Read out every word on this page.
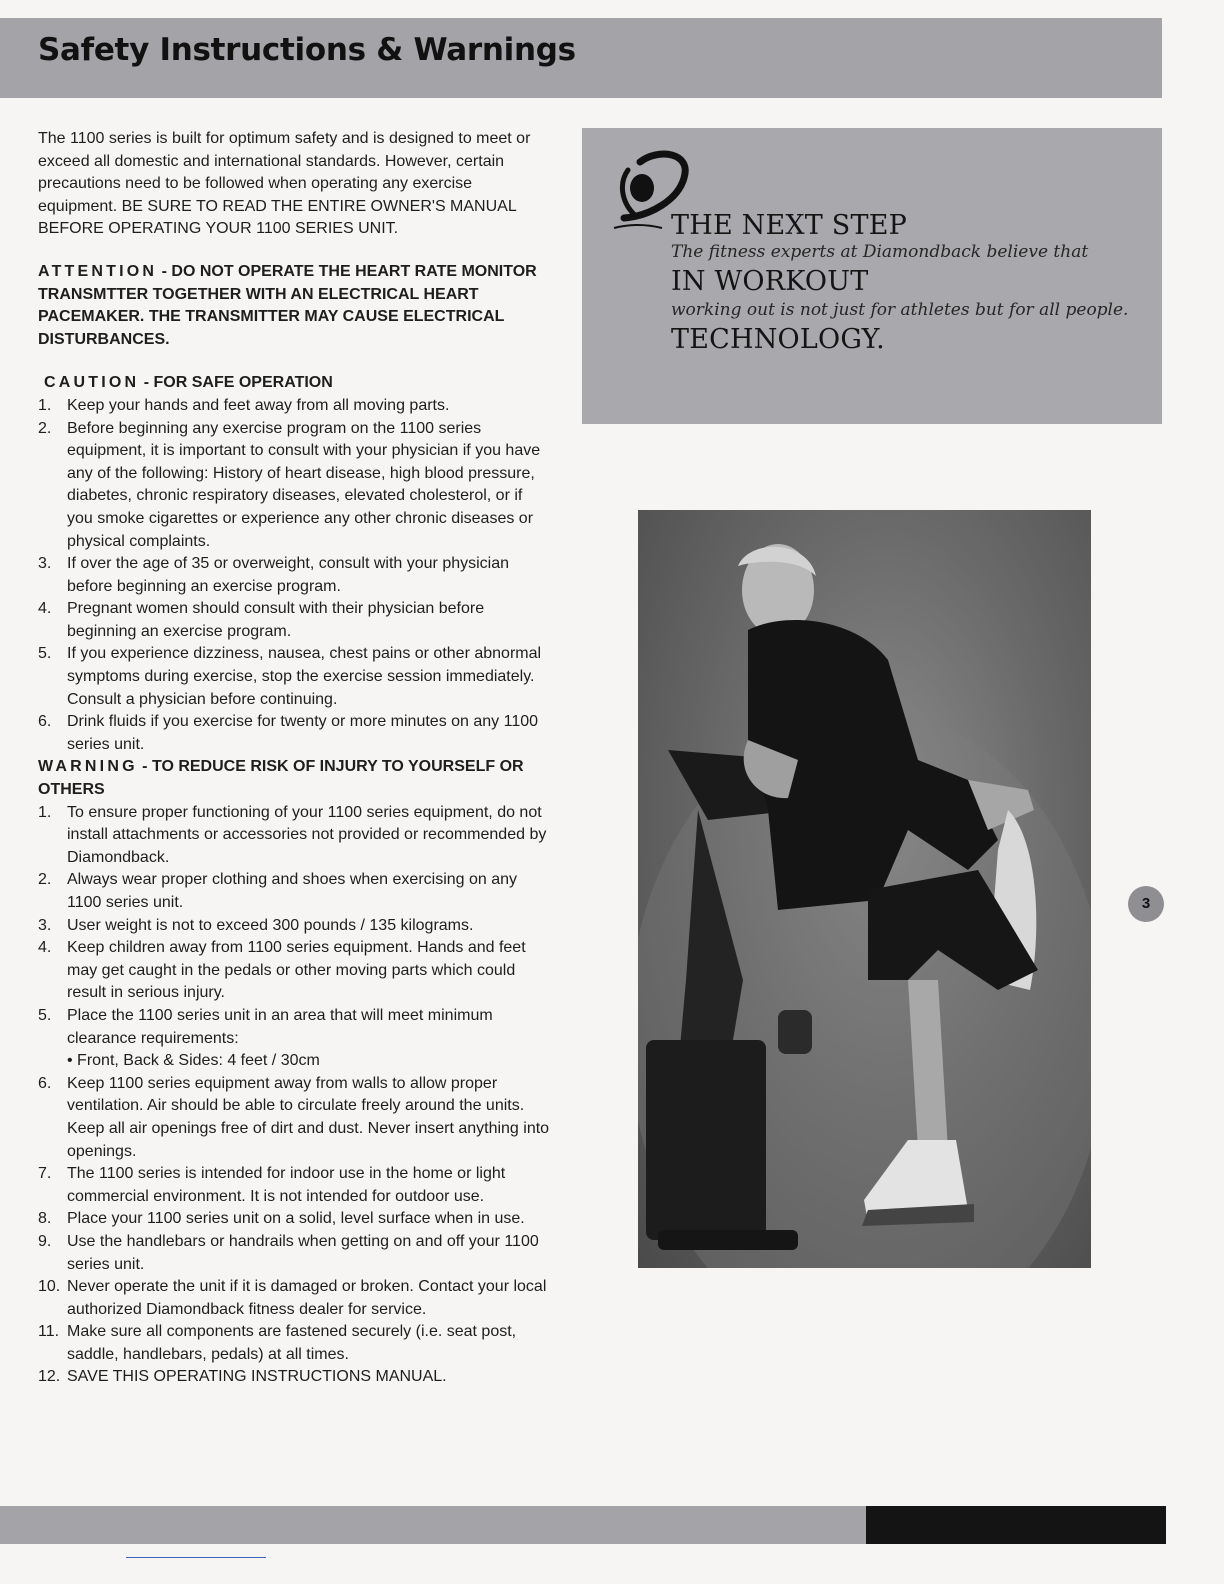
Safety Instructions & Warnings

The 1100 series is built for optimum safety and is designed to meet or exceed all domestic and international standards. However, certain precautions need to be followed when operating any exercise equipment. BE SURE TO READ THE ENTIRE OWNER'S MANUAL BEFORE OPERATING YOUR 1100 SERIES UNIT.

ATTENTION - DO NOT OPERATE THE HEART RATE MONITOR TRANSMTTER TOGETHER WITH AN ELECTRICAL HEART PACEMAKER. THE TRANSMITTER MAY CAUSE ELECTRICAL DISTURBANCES.

CAUTION - FOR SAFE OPERATION

1. Keep your hands and feet away from all moving parts.
2. Before beginning any exercise program on the 1100 series equipment, it is important to consult with your physician if you have any of the following: History of heart disease, high blood pressure, diabetes, chronic respiratory diseases, elevated cholesterol, or if you smoke cigarettes or experience any other chronic diseases or physical complaints.
3. If over the age of 35 or overweight, consult with your physician before beginning an exercise program.
4. Pregnant women should consult with their physician before beginning an exercise program.
5. If you experience dizziness, nausea, chest pains or other abnormal symptoms during exercise, stop the exercise session immediately. Consult a physician before continuing.
6. Drink fluids if you exercise for twenty or more minutes on any 1100 series unit.

WARNING - TO REDUCE RISK OF INJURY TO YOURSELF OR OTHERS

1. To ensure proper functioning of your 1100 series equipment, do not install attachments or accessories not provided or recommended by Diamondback.
2. Always wear proper clothing and shoes when exercising on any 1100 series unit.
3. User weight is not to exceed 300 pounds / 135 kilograms.
4. Keep children away from 1100 series equipment. Hands and feet may get caught in the pedals or other moving parts which could result in serious injury.
5. Place the 1100 series unit in an area that will meet minimum clearance requirements:
• Front, Back & Sides: 4 feet / 30cm
6. Keep 1100 series equipment away from walls to allow proper ventilation. Air should be able to circulate freely around the units. Keep all air openings free of dirt and dust. Never insert anything into openings.
7. The 1100 series is intended for indoor use in the home or light commercial environment. It is not intended for outdoor use.
8. Place your 1100 series unit on a solid, level surface when in use.
9. Use the handlebars or handrails when getting on and off your 1100 series unit.
10. Never operate the unit if it is damaged or broken. Contact your local authorized Diamondback fitness dealer for service.
11. Make sure all components are fastened securely (i.e. seat post, saddle, handlebars, pedals) at all times.
12. SAVE THIS OPERATING INSTRUCTIONS MANUAL.
THE NEXT STEP
The fitness experts at Diamondback believe that
IN WORKOUT
working out is not just for athletes but for all people.
TECHNOLOGY.
3
